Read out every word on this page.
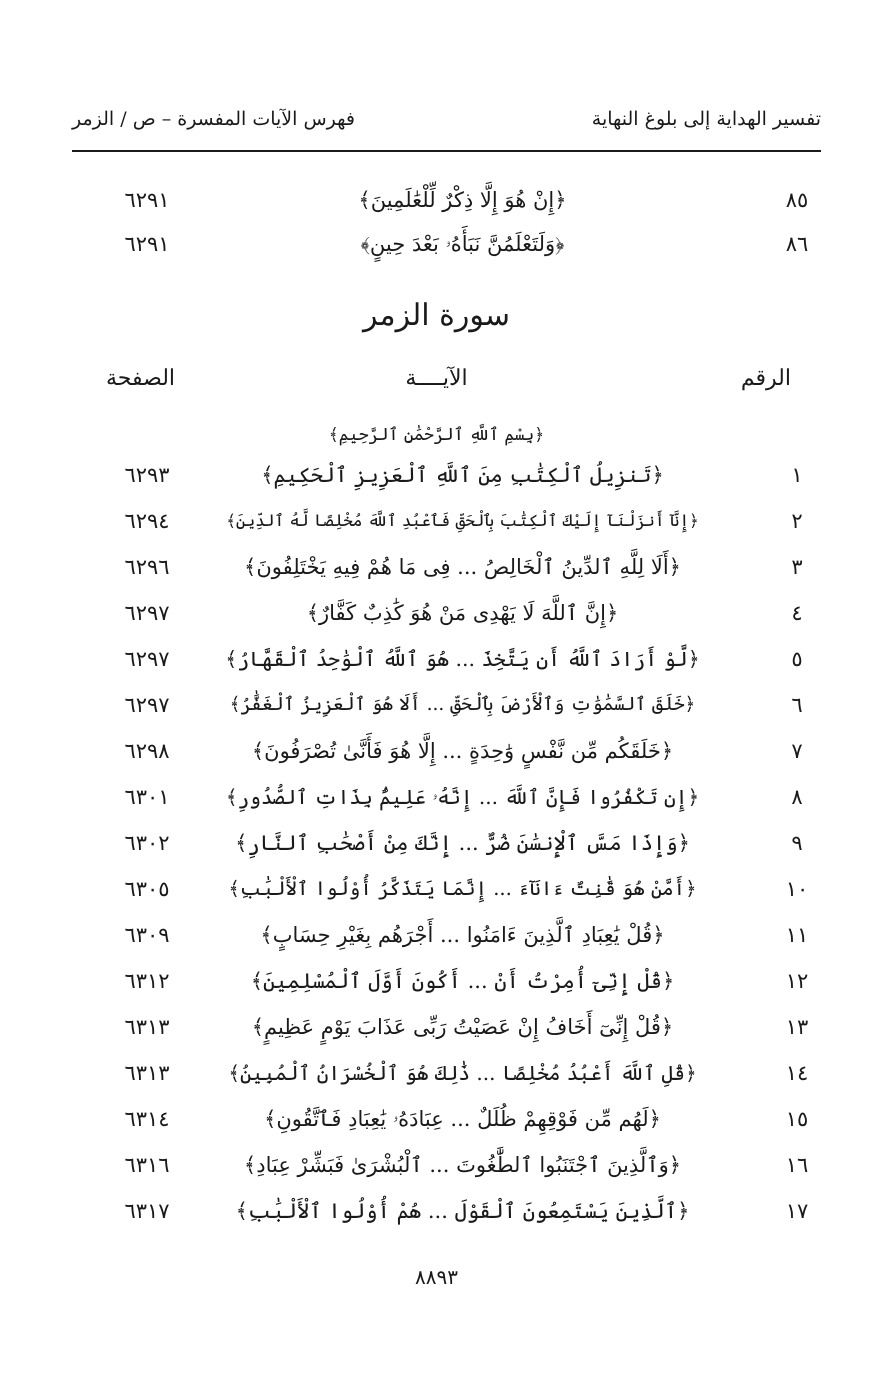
تفسير الهداية إلى بلوغ النهاية
فهرس الآيات المفسرة – ص / الزمر
٨٥
﴿إِنْ هُوَ إِلَّا ذِكْرٌ لِّلْعَٰلَمِينَ﴾
٦٢٩١
٨٦
﴿وَلَتَعْلَمُنَّ نَبَأَهُۥ بَعْدَ حِينٍ﴾
٦٢٩١
سورة الزمر
الرقم
الآيــــة
الصفحة
﴿بِسْمِ ٱللَّهِ ٱلرَّحْمَٰنِ ٱلرَّحِيمِ﴾
١
﴿تَنزِيلُ ٱلْكِتَٰبِ مِنَ ٱللَّهِ ٱلْعَزِيزِ ٱلْحَكِيمِ﴾
٦٢٩٣
٢
﴿إِنَّآ أَنزَلْنَآ إِلَيْكَ ٱلْكِتَٰبَ بِٱلْحَقِّ فَٱعْبُدِ ٱللَّهَ مُخْلِصًا لَّهُ ٱلدِّينَ﴾
٦٢٩٤
٣
﴿أَلَا لِلَّهِ ٱلدِّينُ ٱلْخَالِصُ ... فِى مَا هُمْ فِيهِ يَخْتَلِفُونَ﴾
٦٢٩٦
٤
﴿إِنَّ ٱللَّهَ لَا يَهْدِى مَنْ هُوَ كَٰذِبٌ كَفَّارٌ﴾
٦٢٩٧
٥
﴿لَّوْ أَرَادَ ٱللَّهُ أَن يَتَّخِذَ ... هُوَ ٱللَّهُ ٱلْوَٰحِدُ ٱلْقَهَّارُ﴾
٦٢٩٧
٦
﴿خَلَقَ ٱلسَّمَٰوَٰتِ وَٱلْأَرْضَ بِٱلْحَقِّ ... أَلَا هُوَ ٱلْعَزِيزُ ٱلْغَفَّٰرُ﴾
٦٢٩٧
٧
﴿خَلَقَكُم مِّن نَّفْسٍ وَٰحِدَةٍ ... إِلَّا هُوَ فَأَنَّىٰ تُصْرَفُونَ﴾
٦٢٩٨
٨
﴿إِن تَكْفُرُوا فَإِنَّ ٱللَّهَ ... إِنَّهُۥ عَلِيمٌۢ بِذَاتِ ٱلصُّدُورِ﴾
٦٣٠١
٩
﴿وَإِذَا مَسَّ ٱلْإِنسَٰنَ ضُرٌّ ... إِنَّكَ مِنْ أَصْحَٰبِ ٱلنَّارِ﴾
٦٣٠٢
١٠
﴿أَمَّنْ هُوَ قَٰنِتٌ ءَانَآءَ ... إِنَّمَا يَتَذَكَّرُ أُوْلُوا ٱلْأَلْبَٰبِ﴾
٦٣٠٥
١١
﴿قُلْ يَٰعِبَادِ ٱلَّذِينَ ءَامَنُوا ... أَجْرَهُم بِغَيْرِ حِسَابٍ﴾
٦٣٠٩
١٢
﴿قُلْ إِنِّىٓ أُمِرْتُ أَنْ ... أَكُونَ أَوَّلَ ٱلْمُسْلِمِينَ﴾
٦٣١٢
١٣
﴿قُلْ إِنِّىٓ أَخَافُ إِنْ عَصَيْتُ رَبِّى عَذَابَ يَوْمٍ عَظِيمٍ﴾
٦٣١٣
١٤
﴿قُلِ ٱللَّهَ أَعْبُدُ مُخْلِصًا ... ذَٰلِكَ هُوَ ٱلْخُسْرَانُ ٱلْمُبِينُ﴾
٦٣١٣
١٥
﴿لَهُم مِّن فَوْقِهِمْ ظُلَلٌ ... عِبَادَهُۥ يَٰعِبَادِ فَٱتَّقُونِ﴾
٦٣١٤
١٦
﴿وَٱلَّذِينَ ٱجْتَنَبُوا ٱلطَّٰغُوتَ ... ٱلْبُشْرَىٰ فَبَشِّرْ عِبَادِ﴾
٦٣١٦
١٧
﴿ٱلَّذِينَ يَسْتَمِعُونَ ٱلْقَوْلَ ... هُمْ أُوْلُوا ٱلْأَلْبَٰبِ﴾
٦٣١٧
٨٨٩٣
